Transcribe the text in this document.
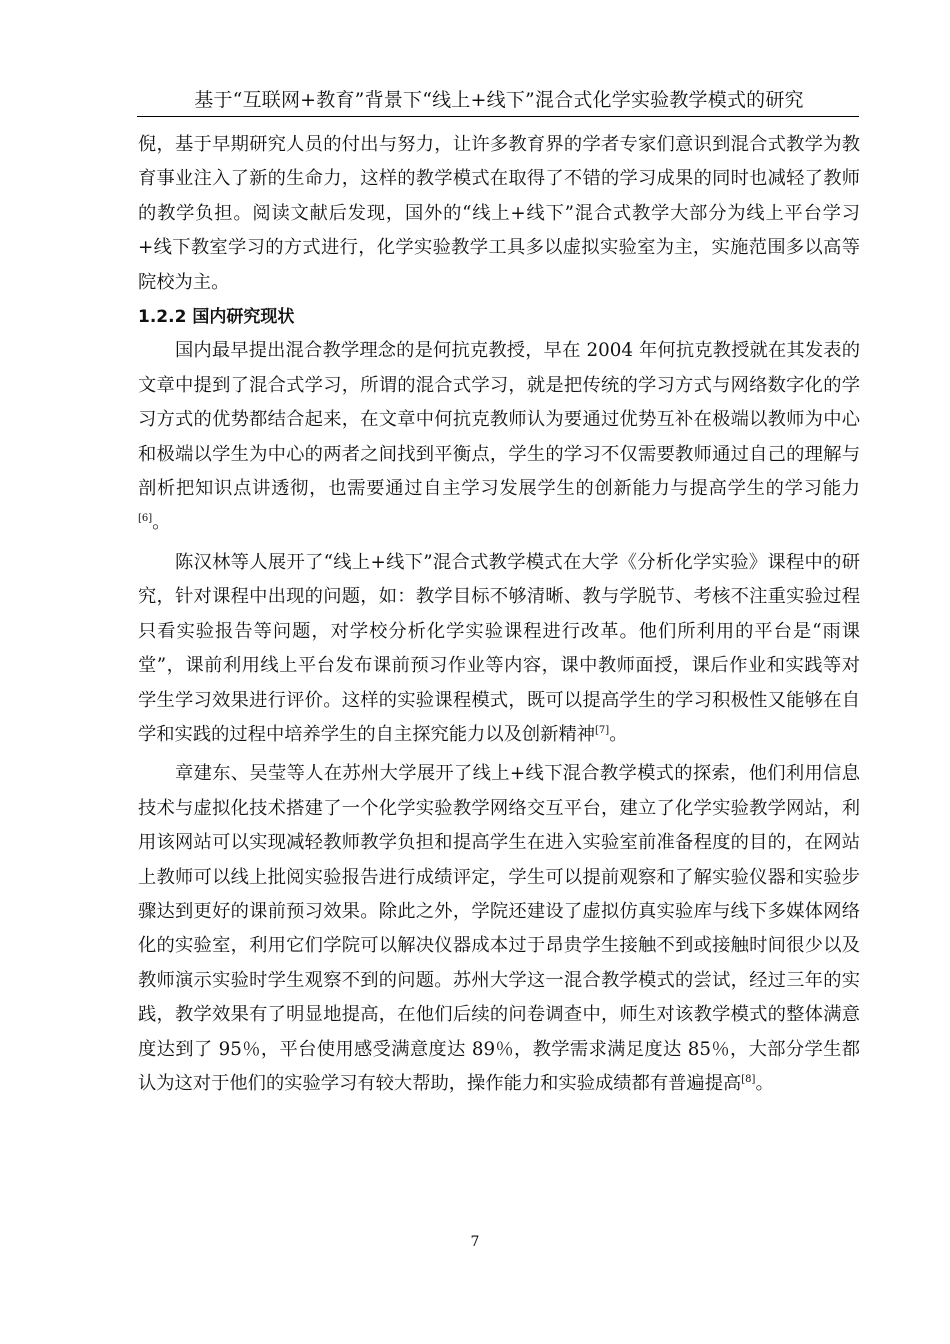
基于“互联网+教育”背景下“线上+线下”混合式化学实验教学模式的研究

倪，基于早期研究人员的付出与努力，让许多教育界的学者专家们意识到混合式教学为教育事业注入了新的生命力，这样的教学模式在取得了不错的学习成果的同时也减轻了教师的教学负担。阅读文献后发现，国外的“线上+线下”混合式教学大部分为线上平台学习+线下教室学习的方式进行，化学实验教学工具多以虚拟实验室为主，实施范围多以高等院校为主。

1.2.2 国内研究现状

国内最早提出混合教学理念的是何抗克教授，早在 2004 年何抗克教授就在其发表的文章中提到了混合式学习，所谓的混合式学习，就是把传统的学习方式与网络数字化的学习方式的优势都结合起来，在文章中何抗克教师认为要通过优势互补在极端以教师为中心和极端以学生为中心的两者之间找到平衡点，学生的学习不仅需要教师通过自己的理解与剖析把知识点讲透彻，也需要通过自主学习发展学生的创新能力与提高学生的学习能力[6]。

陈汉林等人展开了“线上+线下”混合式教学模式在大学《分析化学实验》课程中的研究，针对课程中出现的问题，如：教学目标不够清晰、教与学脱节、考核不注重实验过程只看实验报告等问题，对学校分析化学实验课程进行改革。他们所利用的平台是“雨课堂”，课前利用线上平台发布课前预习作业等内容，课中教师面授，课后作业和实践等对学生学习效果进行评价。这样的实验课程模式，既可以提高学生的学习积极性又能够在自学和实践的过程中培养学生的自主探究能力以及创新精神[7]。

章建东、吴莹等人在苏州大学展开了线上+线下混合教学模式的探索，他们利用信息技术与虚拟化技术搭建了一个化学实验教学网络交互平台，建立了化学实验教学网站，利用该网站可以实现减轻教师教学负担和提高学生在进入实验室前准备程度的目的，在网站上教师可以线上批阅实验报告进行成绩评定，学生可以提前观察和了解实验仪器和实验步骤达到更好的课前预习效果。除此之外，学院还建设了虚拟仿真实验库与线下多媒体网络化的实验室，利用它们学院可以解决仪器成本过于昂贵学生接触不到或接触时间很少以及教师演示实验时学生观察不到的问题。苏州大学这一混合教学模式的尝试，经过三年的实践，教学效果有了明显地提高，在他们后续的问卷调查中，师生对该教学模式的整体满意度达到了 95％，平台使用感受满意度达 89％，教学需求满足度达 85％，大部分学生都认为这对于他们的实验学习有较大帮助，操作能力和实验成绩都有普遍提高[8]。

7
